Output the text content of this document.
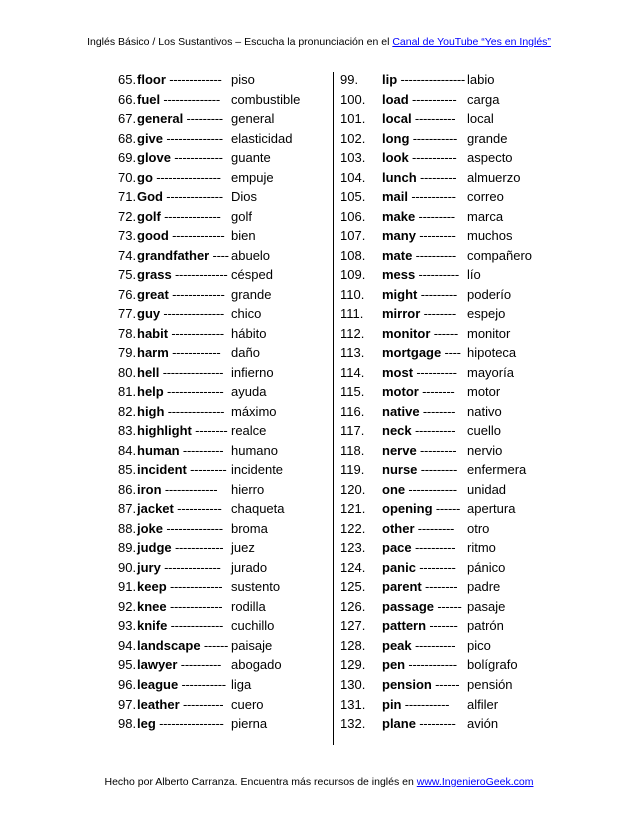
Inglés Básico / Los Sustantivos – Escucha la pronunciación en el Canal de YouTube “Yes en Inglés”
65.floor ------------- piso
66.fuel -------------- combustible
67.general --------- general
68.give -------------- elasticidad
69.glove ------------ guante
70.go ---------------- empuje
71.God -------------- Dios
72.golf -------------- golf
73.good ------------- bien
74.grandfather ---- abuelo
75.grass ------------- césped
76.great ------------- grande
77.guy --------------- chico
78.habit ------------- hábito
79.harm ------------ daño
80.hell --------------- infierno
81.help -------------- ayuda
82.high -------------- máximo
83.highlight -------- realce
84.human ---------- humano
85.incident --------- incidente
86.iron ------------- hierro
87.jacket ----------- chaqueta
88.joke -------------- broma
89.judge ------------ juez
90.jury -------------- jurado
91.keep ------------- sustento
92.knee ------------- rodilla
93.knife ------------- cuchillo
94.landscape ------ paisaje
95.lawyer ---------- abogado
96.league ----------- liga
97.leather ---------- cuero
98.leg ---------------- pierna
99. lip ---------------- labio
100. load ----------- carga
101. local ---------- local
102. long ----------- grande
103. look ----------- aspecto
104. lunch --------- almuerzo
105. mail ----------- correo
106. make --------- marca
107. many --------- muchos
108. mate ---------- compañero
109. mess ---------- lío
110. might --------- poderío
111. mirror -------- espejo
112. monitor ------ monitor
113. mortgage ---- hipoteca
114. most ---------- mayoría
115. motor -------- motor
116. native -------- nativo
117. neck ---------- cuello
118. nerve --------- nervio
119. nurse --------- enfermera
120. one ------------ unidad
121. opening ------ apertura
122. other --------- otro
123. pace ---------- ritmo
124. panic --------- pánico
125. parent -------- padre
126. passage ------ pasaje
127. pattern ------- patrón
128. peak ---------- pico
129. pen ------------ bolígrafo
130. pension ------ pensión
131. pin ----------- alfiler
132. plane --------- avión
Hecho por Alberto Carranza. Encuentra más recursos de inglés en www.IngenieroGeek.com
